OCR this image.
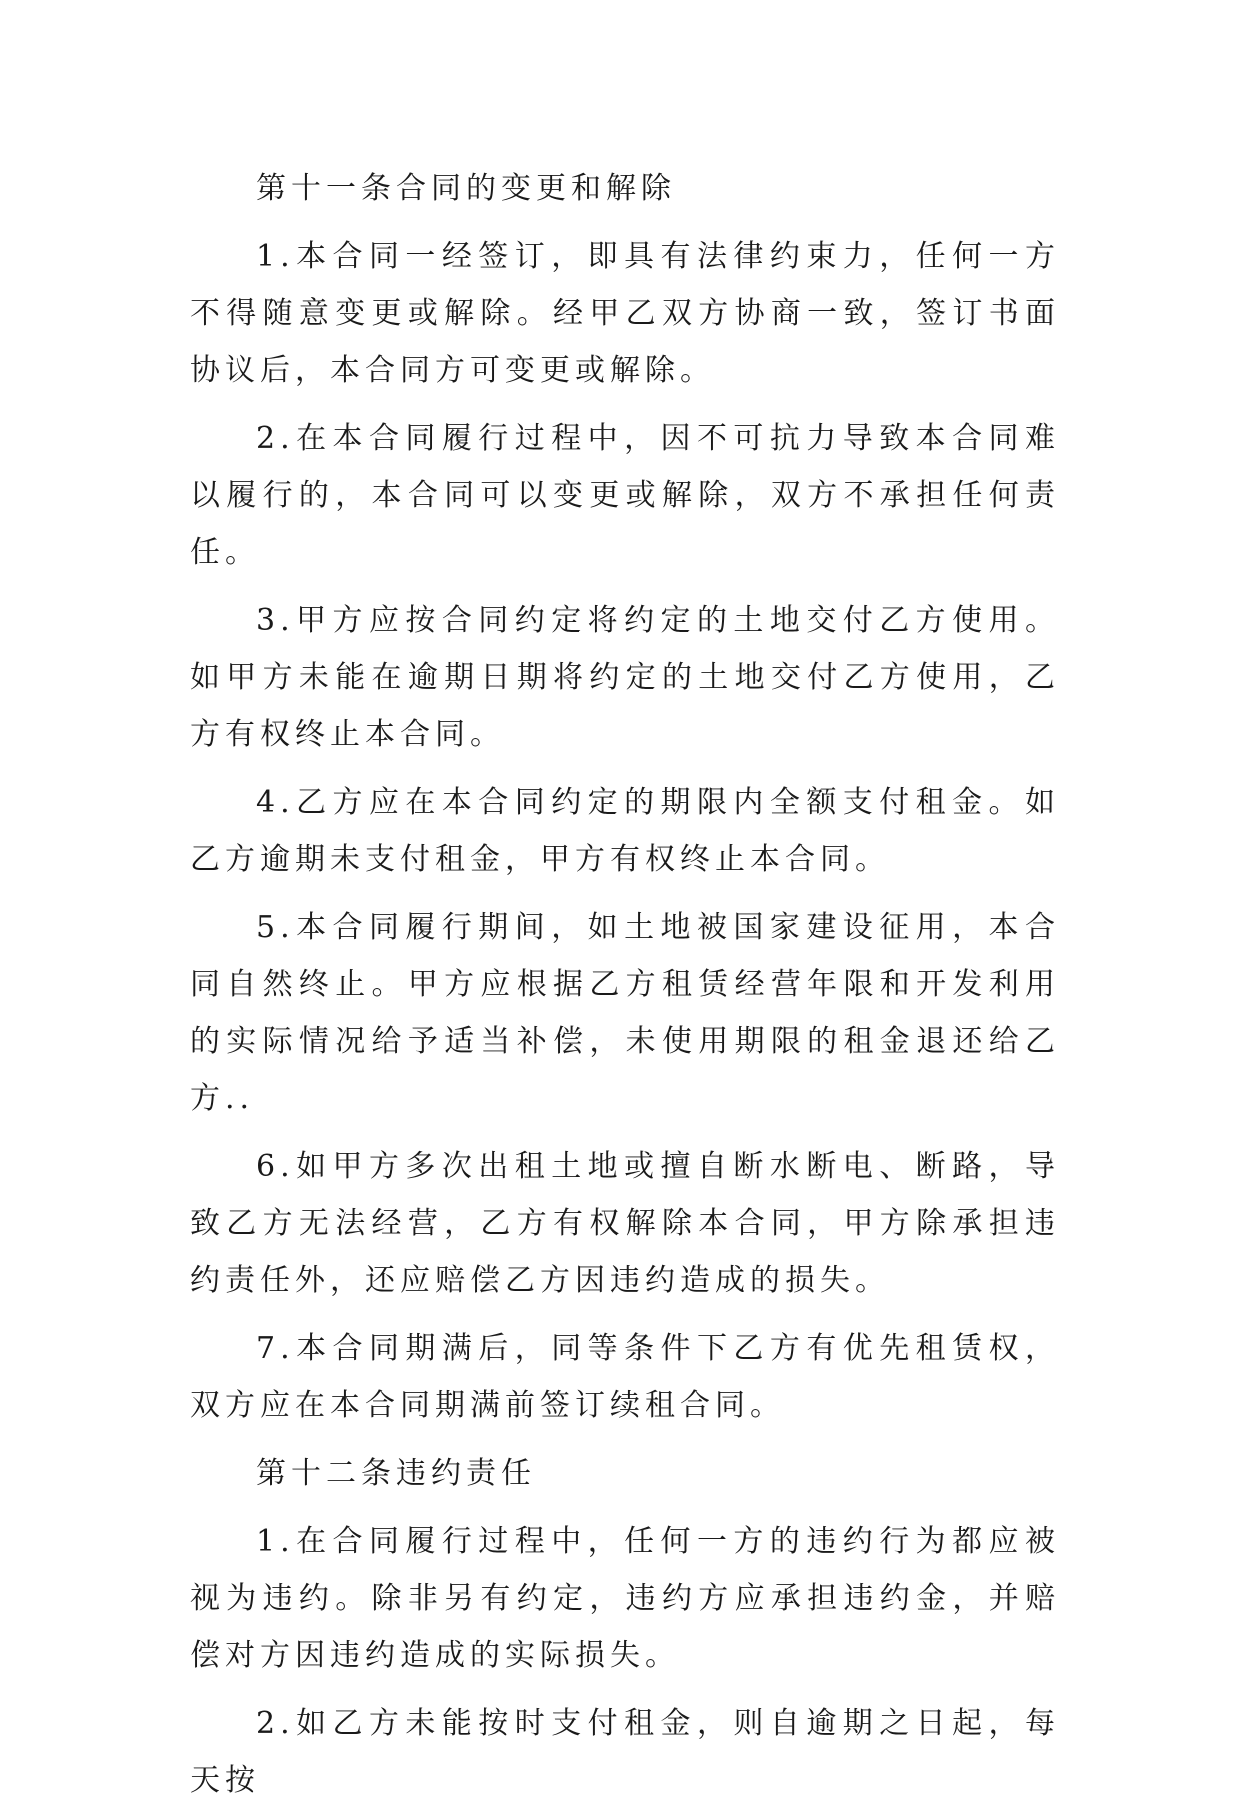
第十一条合同的变更和解除

1.本合同一经签订，即具有法律约束力，任何一方不得随意变更或解除。经甲乙双方协商一致，签订书面协议后，本合同方可变更或解除。

2.在本合同履行过程中，因不可抗力导致本合同难以履行的，本合同可以变更或解除，双方不承担任何责任。

3.甲方应按合同约定将约定的土地交付乙方使用。如甲方未能在逾期日期将约定的土地交付乙方使用，乙方有权终止本合同。

4.乙方应在本合同约定的期限内全额支付租金。如乙方逾期未支付租金，甲方有权终止本合同。

5.本合同履行期间，如土地被国家建设征用，本合同自然终止。甲方应根据乙方租赁经营年限和开发利用的实际情况给予适当补偿，未使用期限的租金退还给乙方..

6.如甲方多次出租土地或擅自断水断电、断路，导致乙方无法经营，乙方有权解除本合同，甲方除承担违约责任外，还应赔偿乙方因违约造成的损失。

7.本合同期满后，同等条件下乙方有优先租赁权，双方应在本合同期满前签订续租合同。

第十二条违约责任

1.在合同履行过程中，任何一方的违约行为都应被视为违约。除非另有约定，违约方应承担违约金，并赔偿对方因违约造成的实际损失。

2.如乙方未能按时支付租金，则自逾期之日起，每天按
